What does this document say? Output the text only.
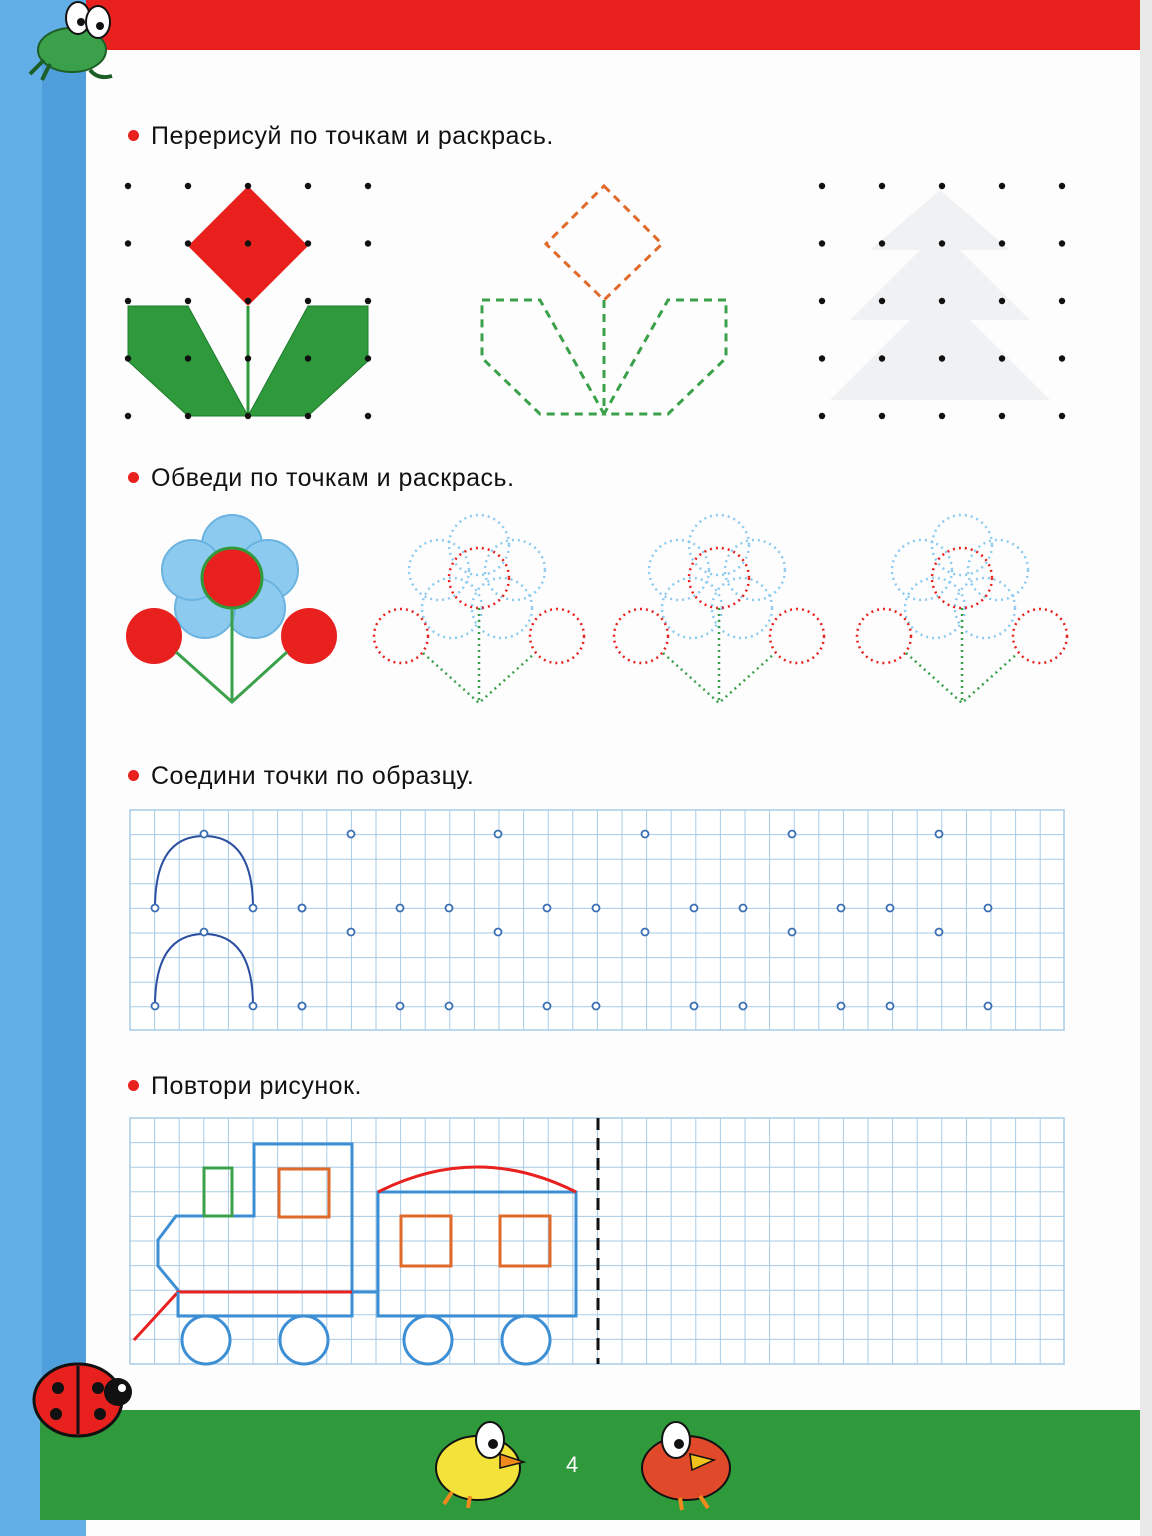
4
Перерисуй по точкам и раскрась.
Обведи по точкам и раскрась.
Соедини точки по образцу.
Повтори рисунок.
